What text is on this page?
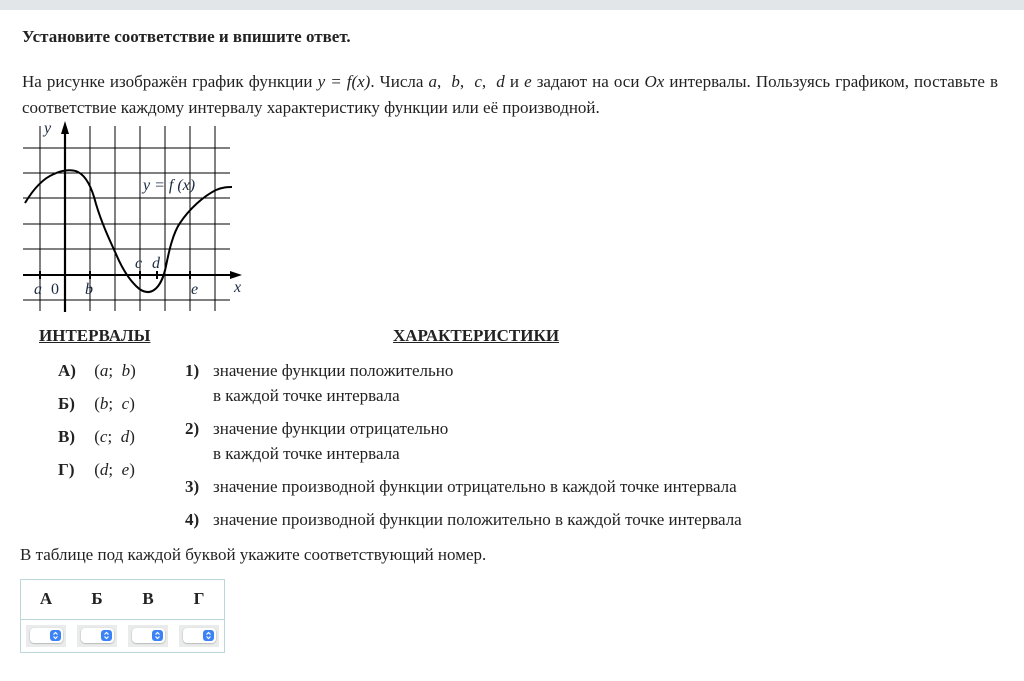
Установите соответствие и впишите ответ.
На рисунке изображён график функции y = f(x). Числа a,  b,  c,  d и e задают на оси Ox интервалы. Пользуясь графиком, поставьте в соответствие каждому интервалу характеристику функции или её производной.
y
x
y = f (x)
a 0 b
c d
e
ИНТЕРВАЛЫ	ХАРАКТЕРИСТИКИ
А) (a;  b)
Б) (b;  c)
В) (c;  d)
Г) (d;  e)
1) значение функции положительно
в каждой точке интервала
2) значение функции отрицательно
в каждой точке интервала
3) значение производной функции отрицательно в каждой точке интервала
4) значение производной функции положительно в каждой точке интервала
В таблице под каждой буквой укажите соответствующий номер.
А	Б	В	Г
